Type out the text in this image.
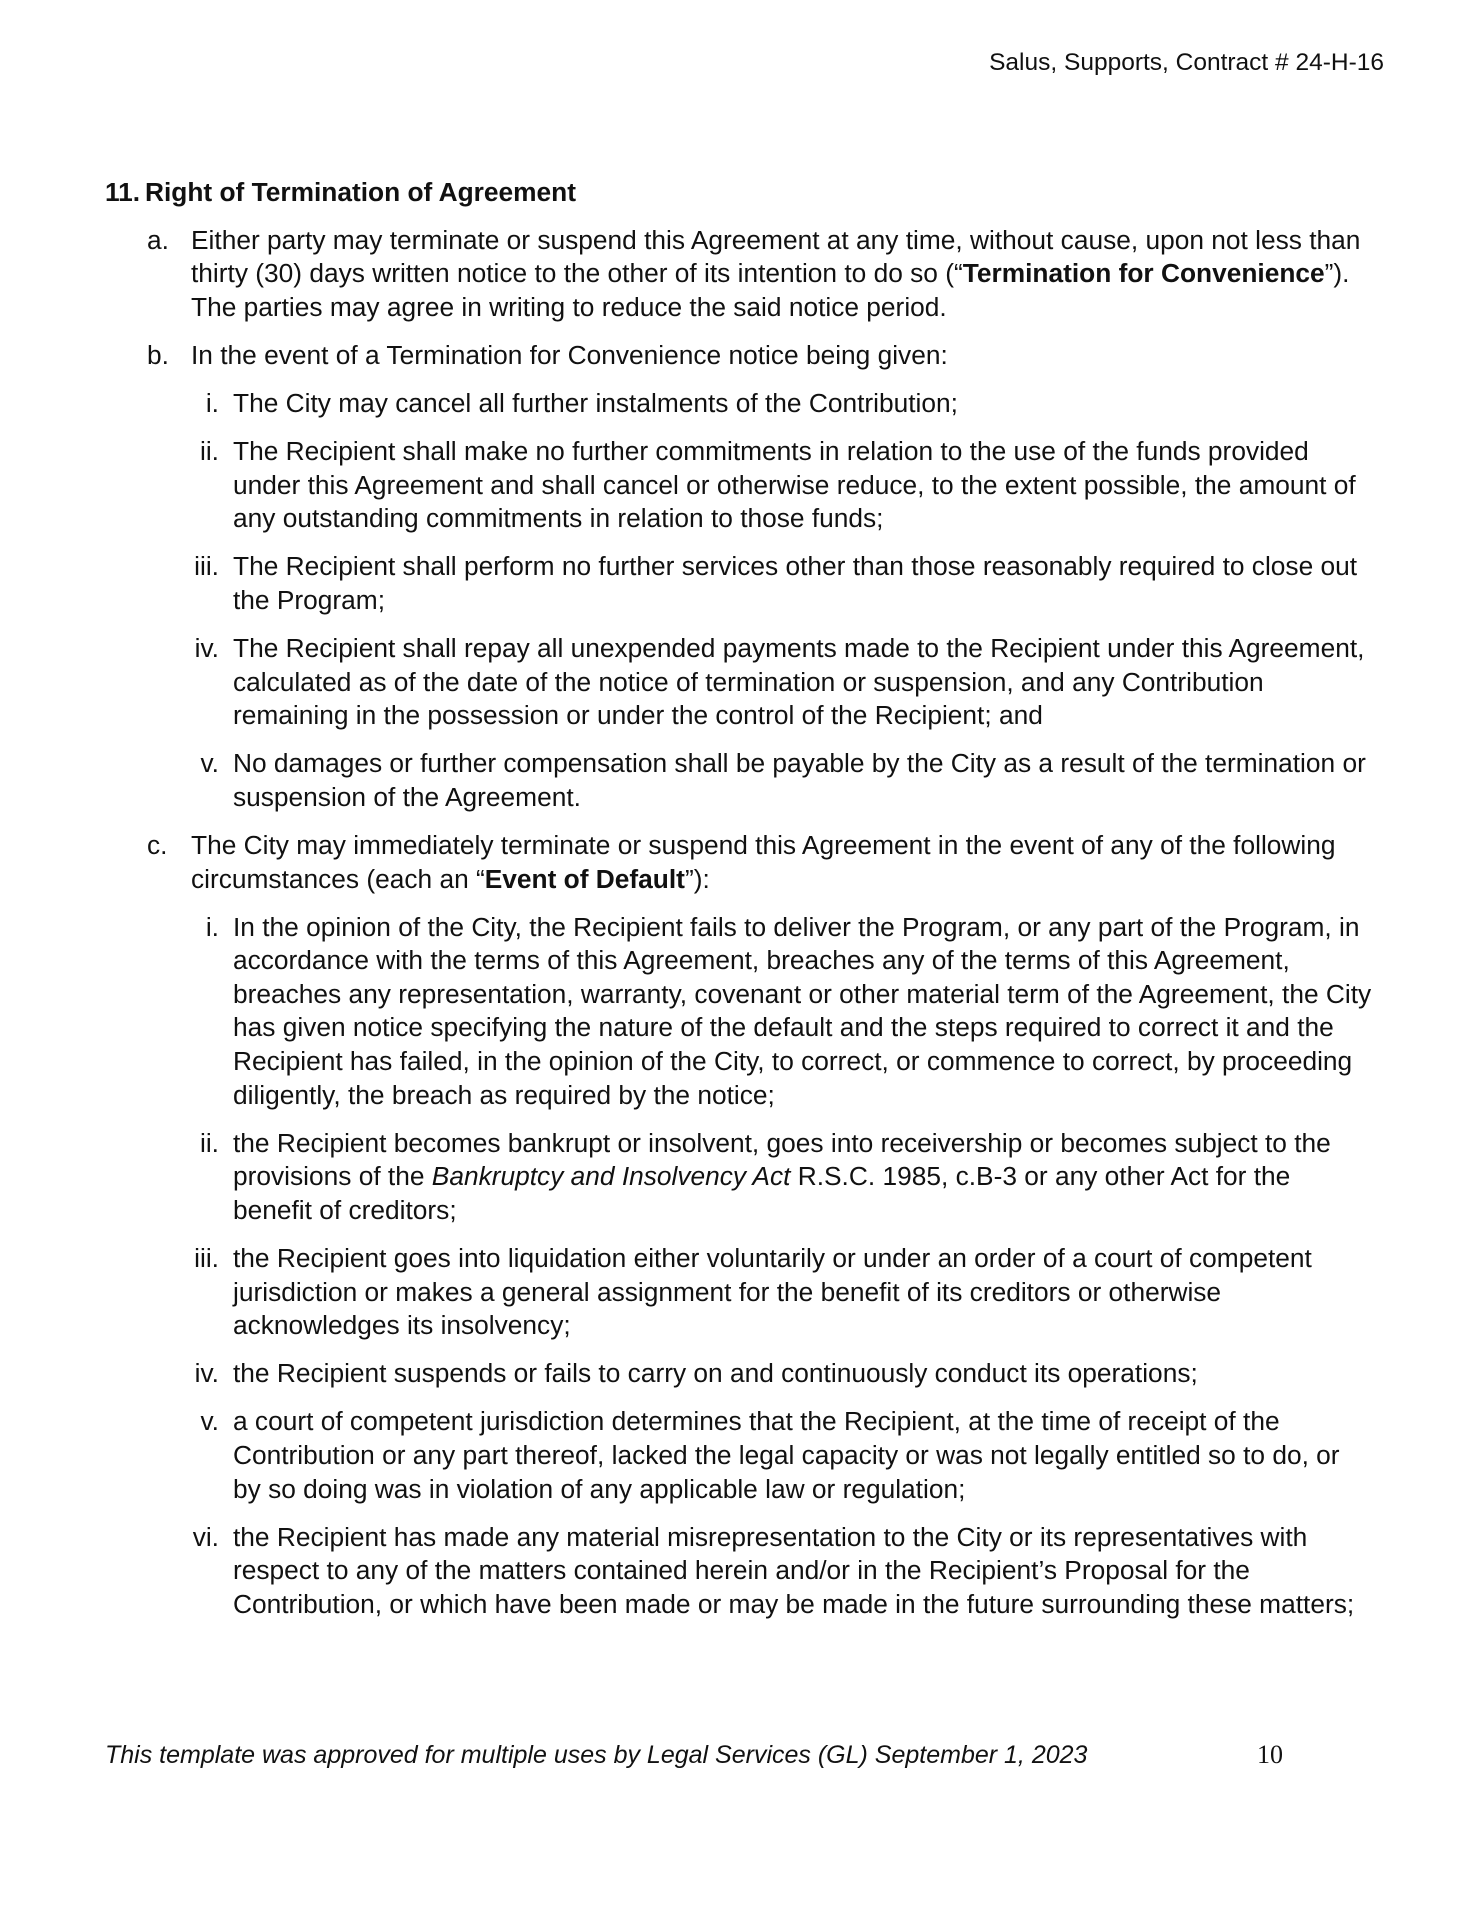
Salus, Supports, Contract # 24-H-16
11. Right of Termination of Agreement
a. Either party may terminate or suspend this Agreement at any time, without cause, upon not less than thirty (30) days written notice to the other of its intention to do so (“Termination for Convenience”). The parties may agree in writing to reduce the said notice period.
b. In the event of a Termination for Convenience notice being given:
i. The City may cancel all further instalments of the Contribution;
ii. The Recipient shall make no further commitments in relation to the use of the funds provided under this Agreement and shall cancel or otherwise reduce, to the extent possible, the amount of any outstanding commitments in relation to those funds;
iii. The Recipient shall perform no further services other than those reasonably required to close out the Program;
iv. The Recipient shall repay all unexpended payments made to the Recipient under this Agreement, calculated as of the date of the notice of termination or suspension, and any Contribution remaining in the possession or under the control of the Recipient; and
v. No damages or further compensation shall be payable by the City as a result of the termination or suspension of the Agreement.
c. The City may immediately terminate or suspend this Agreement in the event of any of the following circumstances (each an “Event of Default”):
i. In the opinion of the City, the Recipient fails to deliver the Program, or any part of the Program, in accordance with the terms of this Agreement, breaches any of the terms of this Agreement, breaches any representation, warranty, covenant or other material term of the Agreement, the City has given notice specifying the nature of the default and the steps required to correct it and the Recipient has failed, in the opinion of the City, to correct, or commence to correct, by proceeding diligently, the breach as required by the notice;
ii. the Recipient becomes bankrupt or insolvent, goes into receivership or becomes subject to the provisions of the Bankruptcy and Insolvency Act R.S.C. 1985, c.B-3 or any other Act for the benefit of creditors;
iii. the Recipient goes into liquidation either voluntarily or under an order of a court of competent jurisdiction or makes a general assignment for the benefit of its creditors or otherwise acknowledges its insolvency;
iv. the Recipient suspends or fails to carry on and continuously conduct its operations;
v. a court of competent jurisdiction determines that the Recipient, at the time of receipt of the Contribution or any part thereof, lacked the legal capacity or was not legally entitled so to do, or by so doing was in violation of any applicable law or regulation;
vi. the Recipient has made any material misrepresentation to the City or its representatives with respect to any of the matters contained herein and/or in the Recipient’s Proposal for the Contribution, or which have been made or may be made in the future surrounding these matters;
This template was approved for multiple uses by Legal Services (GL) September 1, 2023	10
